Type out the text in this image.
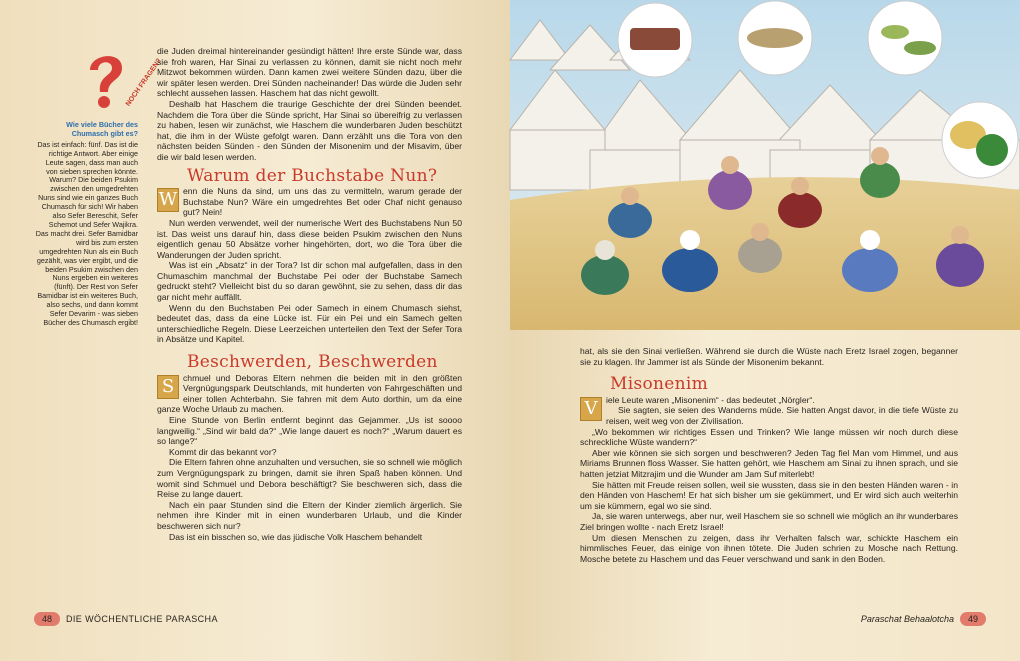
NOCH FRAGEN?
Wie viele Bücher des Chumasch gibt es?
Das ist einfach: fünf. Das ist die richtige Antwort. Aber einige Leute sagen, dass man auch von sieben sprechen könnte. Warum? Die beiden Psukim zwischen den umgedrehten Nuns sind wie ein ganzes Buch Chumasch für sich! Wir haben also Sefer Bereschit, Sefer Schemot und Sefer Wajikra. Das macht drei. Sefer Bamidbar wird bis zum ersten umgedrehten Nun als ein Buch gezählt, was vier ergibt, und die beiden Psukim zwischen den Nuns ergeben ein weiteres (fünft). Der Rest von Sefer Bamidbar ist ein weiteres Buch, also sechs, und dann kommt Sefer Devarim - was sieben Bücher des Chumasch ergibt!

die Juden dreimal hintereinander gesündigt hätten! Ihre erste Sünde war, dass sie froh waren, Har Sinai zu verlassen zu können, damit sie nicht noch mehr Mitzwot bekommen würden. Dann kamen zwei weitere Sünden dazu, über die wir später lesen werden. Drei Sünden nacheinander! Das würde die Juden sehr schlecht aussehen lassen. Haschem hat das nicht gewollt.

Deshalb hat Haschem die traurige Geschichte der drei Sünden beendet. Nachdem die Tora über die Sünde spricht, Har Sinai so übereifrig zu verlassen zu haben, lesen wir zunächst, wie Haschem die wunderbaren Juden beschützt hat, die ihm in der Wüste gefolgt waren. Dann erzählt uns die Tora von den nächsten beiden Sünden - den Sünden der Misonenim und der Misavim, über die wir bald lesen werden.

Warum der Buchstabe Nun?
W enn die Nuns da sind, um uns das zu vermitteln, warum gerade der Buchstabe Nun? Wäre ein umgedrehtes Bet oder Chaf nicht genauso gut? Nein!

Nun werden verwendet, weil der numerische Wert des Buchstabens Nun 50 ist. Das weist uns darauf hin, dass diese beiden Psukim zwischen den Nuns eigentlich genau 50 Absätze vorher hingehörten, dort, wo die Tora über die Wanderungen der Juden spricht.

Was ist ein „Absatz“ in der Tora? Ist dir schon mal aufgefallen, dass in den Chumaschim manchmal der Buchstabe Pei oder der Buchstabe Samech gedruckt steht? Vielleicht bist du so daran gewöhnt, sie zu sehen, dass dir das gar nicht mehr auffällt.

Wenn du den Buchstaben Pei oder Samech in einem Chumasch siehst, bedeutet das, dass da eine Lücke ist. Für ein Pei und ein Samech gelten unterschiedliche Regeln. Diese Leerzeichen unterteilen den Text der Sefer Tora in Absätze und Kapitel.

Beschwerden, Beschwerden
S	chmuel und Deboras Eltern nehmen die beiden mit in den größten Vergnügungspark Deutschlands, mit hunderten von Fahrgeschäften und einer tollen Achterbahn. Sie fahren mit dem Auto dorthin, um da eine ganze Woche Urlaub zu machen.

Eine Stunde von Berlin entfernt beginnt das Gejammer. „Us ist soooo langweilig.“ „Sind wir bald da?“ „Wie lange dauert es noch?“ „Warum dauert es so lange?“

Kommt dir das bekannt vor?

Die Eltern fahren ohne anzuhalten und versuchen, sie so schnell wie möglich zum Vergnügungspark zu bringen, damit sie ihren Spaß haben können. Und womit sind Schmuel und Debora beschäftigt? Sie beschweren sich, dass die Reise zu lange dauert.

Nach ein paar Stunden sind die Eltern der Kinder ziemlich ärgerlich. Sie nehmen ihre Kinder mit in einen wunderbaren Urlaub, und die Kinder beschweren sich nur?

Das ist ein bisschen so, wie das jüdische Volk Haschem behandelt

48	DIE WÖCHENTLICHE PARASCHA

hat, als sie den Sinai verließen. Während sie durch die Wüste nach Eretz Israel zogen, beganner sie zu klagen. Ihr Jammer ist als Sünde der Misonenim bekannt.

Misonenim
V iele Leute waren „Misonenim“ - das bedeutet „Nörgler“.

Sie sagten, sie seien des Wanderns müde. Sie hatten Angst davor, in die tiefe Wüste zu reisen, weit weg von der Zivilisation.

„Wo bekommen wir richtiges Essen und Trinken? Wie lange müssen wir noch durch diese schreckliche Wüste wandern?“

Aber wie können sie sich sorgen und beschweren? Jeden Tag fiel Man vom Himmel, und aus Miriams Brunnen floss Wasser. Sie hatten gehört, wie Haschem am Sinai zu ihnen sprach, und sie hatten jetziat Mitzrajim und die Wunder am Jam Suf miterlebt!

Sie hätten mit Freude reisen sollen, weil sie wussten, dass sie in den besten Händen waren - in den Händen von Haschem! Er hat sich bisher um sie gekümmert, und Er wird sich auch weiterhin um sie kümmern, egal wo sie sind.

Ja, sie waren unterwegs, aber nur, weil Haschem sie so schnell wie möglich an ihr wunderbares Ziel bringen wollte - nach Eretz Israel!

Um diesen Menschen zu zeigen, dass ihr Verhalten falsch war, schickte Haschem ein himmlisches Feuer, das einige von ihnen tötete. Die Juden schrien zu Mosche nach Rettung. Mosche betete zu Haschem und das Feuer verschwand und sank in den Boden.

Paraschat Behaalotcha	49
